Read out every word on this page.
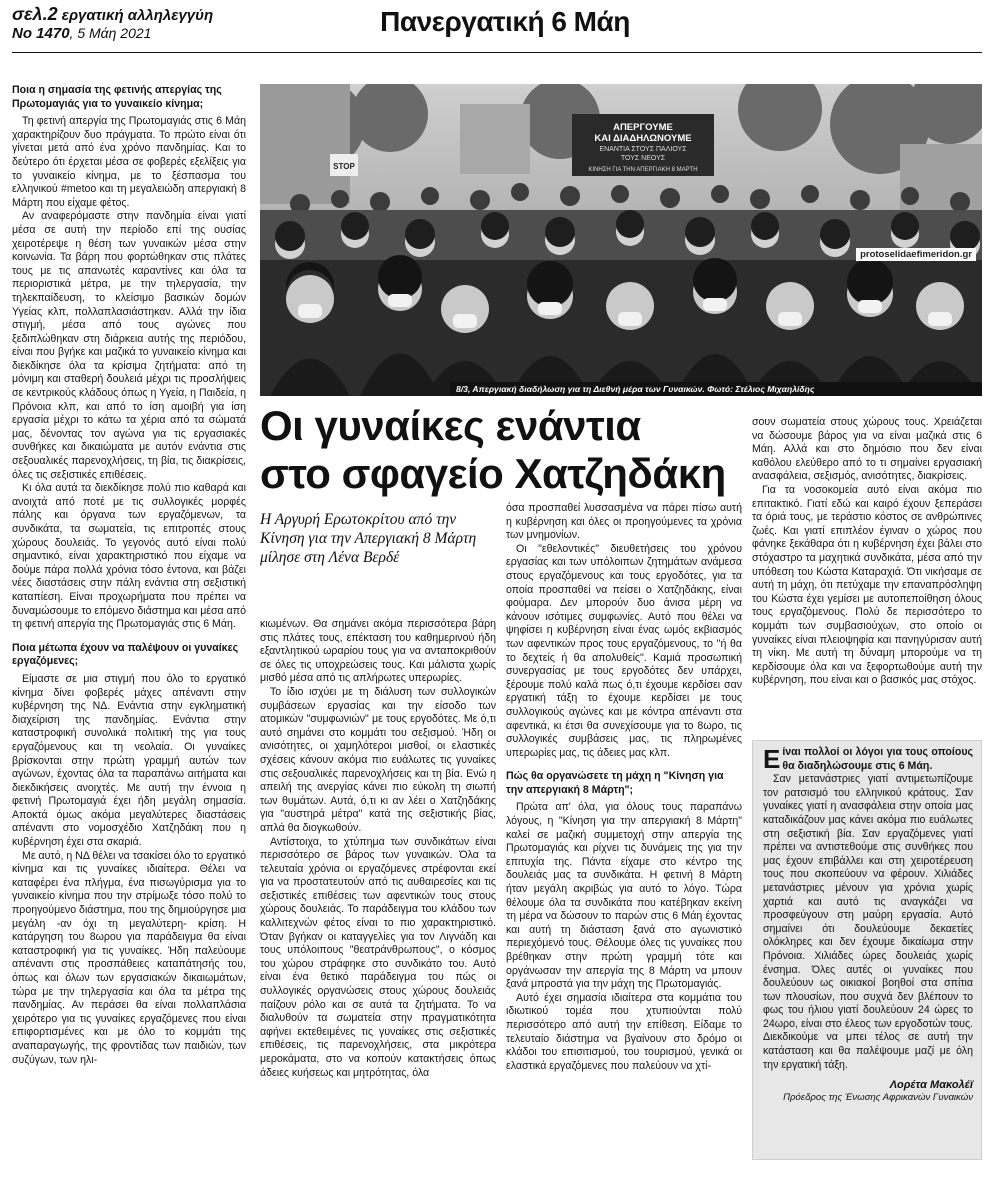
σελ.2 εργατική αλληλεγγύη
Νο 1470, 5 Μάη 2021	Πανεργατική 6 Μάη
Ποια η σημασία της φετινής απεργίας της Πρωτομαγιάς για το γυναικείο κίνημα;

Τη φετινή απεργία της Πρωτομαγιάς στις 6 Μάη χαρακτηρίζουν δυο πράγματα. Το πρώτο είναι ότι γίνεται μετά από ένα χρόνο πανδημίας. Και το δεύτερο ότι έρχεται μέσα σε φοβερές εξελίξεις για το γυναικείο κίνημα, με το ξέσπασμα του ελληνικού #metoo και τη μεγαλειώδη απεργιακή 8 Μάρτη που είχαμε φέτος.

Αν αναφερόμαστε στην πανδημία είναι γιατί μέσα σε αυτή την περίοδο επί της ουσίας χειροτέρεψε η θέση των γυναικών μέσα στην κοινωνία. Τα βάρη που φορτώθηκαν στις πλάτες τους με τις απανωτές καραντίνες και όλα τα περιοριστικά μέτρα, με την τηλεργασία, την τηλεκπαίδευση, το κλείσιμο βασικών δομών Υγείας κλπ, πολλαπλασιάστηκαν. Αλλά την ίδια στιγμή, μέσα από τους αγώνες που ξεδιπλώθηκαν στη διάρκεια αυτής της περιόδου, είναι που βγήκε και μαζικά το γυναικείο κίνημα και διεκδίκησε όλα τα κρίσιμα ζητήματα: από τη μόνιμη και σταθερή δουλειά μέχρι τις προσλήψεις σε κεντρικούς κλάδους όπως η Υγεία, η Παιδεία, η Πρόνοια κλπ, και από το ίση αμοιβή για ίση εργασία μέχρι το κάτω τα χέρια από τα σώματά μας, δένοντας τον αγώνα για τις εργασιακές συνθήκες και δικαιώματα με αυτόν ενάντια στις σεξουαλικές παρενοχλήσεις, τη βία, τις διακρίσεις, όλες τις σεξιστικές επιθέσεις.

Κι όλα αυτά τα διεκδίκησε πολύ πιο καθαρά και ανοιχτά από ποτέ με τις συλλογικές μορφές πάλης και όργανα των εργαζόμενων, τα συνδικάτα, τα σωματεία, τις επιτροπές στους χώρους δουλειάς. Το γεγονός αυτό είναι πολύ σημαντικό, είναι χαρακτηριστικό που είχαμε να δούμε πάρα πολλά χρόνια τόσο έντονα, και βάζει νέες διαστάσεις στην πάλη ενάντια στη σεξιστική καταπίεση. Είναι προχωρήματα που πρέπει να δυναμώσουμε το επόμενο διάστημα και μέσα από τη φετινή απεργία της Πρωτομαγιάς στις 6 Μάη.

Ποια μέτωπα έχουν να παλέψουν οι γυναίκες εργαζόμενες;

Είμαστε σε μια στιγμή που όλο το εργατικό κίνημα δίνει φοβερές μάχες απέναντι στην κυβέρνηση της ΝΔ. Ενάντια στην εγκληματική διαχείριση της πανδημίας. Ενάντια στην καταστροφική συνολικά πολιτική της για τους εργαζόμενους και τη νεολαία. Οι γυναίκες βρίσκονται στην πρώτη γραμμή αυτών των αγώνων, έχοντας όλα τα παραπάνω αιτήματα και διεκδικήσεις ανοιχτές. Με αυτή την έννοια η φετινή Πρωτομαγιά έχει ήδη μεγάλη σημασία. Αποκτά όμως ακόμα μεγαλύτερες διαστάσεις απέναντι στο νομοσχέδιο Χατζηδάκη που η κυβέρνηση έχει στα σκαριά.

Με αυτό, η ΝΔ θέλει να τσακίσει όλο το εργατικό κίνημα και τις γυναίκες ιδιαίτερα. Θέλει να καταφέρει ένα πλήγμα, ένα πισωγύρισμα για το γυναικείο κίνημα που την στρίμωξε τόσο πολύ το προηγούμενο διάστημα, που της δημιούργησε μια μεγάλη -αν όχι τη μεγαλύτερη- κρίση. Η κατάργηση του 8ωρου για παράδειγμα θα είναι καταστροφική για τις γυναίκες. Ήδη παλεύουμε απέναντι στις προσπάθειες καταπάτησής του, όπως και όλων των εργασιακών δικαιωμάτων, τώρα με την τηλεργασία και όλα τα μέτρα της πανδημίας. Αν περάσει θα είναι πολλαπλάσια χειρότερο για τις γυναίκες εργαζόμενες που είναι επιφορτισμένες και με όλο το κομμάτι της αναπαραγωγής, της φροντίδας των παιδιών, των συζύγων, των ηλι-

ΑΠΕΡΓΟΥΜΕ
ΚΑΙ ΔΙΑΔΗΛΩΝΟΥΜΕ
ΕΝΑΝΤΙΑ ΣΤΟΥΣ ΠΑΛΙΟΥΣ
ΤΟΥΣ ΝΕΟΥΣ
ΚΙΝΗΣΗ ΓΙΑ ΤΗΝ ΑΠΕΡΓΙΑΚΗ 8 ΜΑΡΤΗ
STOP
protoselidaefimeridon.gr
8/3, Απεργιακή διαδήλωση για τη Διεθνή μέρα των Γυναικών. Φωτό: Στέλιος Μιχαηλίδης
Οι γυναίκες ενάντια
στο σφαγείο Χατζηδάκη
Η Αργυρή Ερωτοκρίτου από την Κίνηση για την Απεργιακή 8 Μάρτη μίλησε στη Λένα Βερδέ

κιωμένων. Θα σημάνει ακόμα περισσότερα βάρη στις πλάτες τους, επέκταση του καθημερινού ήδη εξαντλητικού ωραρίου τους για να ανταποκριθούν σε όλες τις υποχρεώσεις τους. Και μάλιστα χωρίς μισθό μέσα από τις απλήρωτες υπερωρίες.

Το ίδιο ισχύει με τη διάλυση των συλλογικών συμβάσεων εργασίας και την είσοδο των ατομικών "συμφωνιών" με τους εργοδότες. Με ό,τι αυτό σημάνει στο κομμάτι του σεξισμού. Ήδη οι ανισότητες, οι χαμηλότεροι μισθοί, οι ελαστικές σχέσεις κάνουν ακόμα πιο ευάλωτες τις γυναίκες στις σεξουαλικές παρενοχλήσεις και τη βία. Ενώ η απειλή της ανεργίας κάνει πιο εύκολη τη σιωπή των θυμάτων. Αυτά, ό,τι κι αν λέει ο Χατζηδάκης για "αυστηρά μέτρα" κατά της σεξιστικής βίας, απλά θα διογκωθούν.

Αντίστοιχα, το χτύπημα των συνδικάτων είναι περισσότερο σε βάρος των γυναικών. Όλα τα τελευταία χρόνια οι εργαζόμενες στρέφονται εκεί για να προστατευτούν από τις αυθαιρεσίες και τις σεξιστικές επιθέσεις των αφεντικών τους στους χώρους δουλειάς. Το παράδειγμα του κλάδου των καλλιτεχνών φέτος είναι το πιο χαρακτηριστικό. Όταν βγήκαν οι καταγγελίες για τον Λιγνάδη και τους υπόλοιπους "θεατράνθρωπους", ο κόσμος του χώρου στράφηκε στο συνδικάτο του. Αυτό είναι ένα θετικό παράδειγμα του πώς οι συλλογικές οργανώσεις στους χώρους δουλειάς παίζουν ρόλο και σε αυτά τα ζητήματα. Το να διαλυθούν τα σωματεία στην πραγματικότητα αφήνει εκτεθειμένες τις γυναίκες στις σεξιστικές επιθέσεις, τις παρενοχλήσεις, στα μικρότερα μεροκάματα, στο να κοπούν κατακτήσεις όπως άδειες κυήσεως και μητρότητας, όλα

όσα προσπαθεί λυσσασμένα να πάρει πίσω αυτή η κυβέρνηση και όλες οι προηγούμενες τα χρόνια των μνημονίων.

Οι "εθελοντικές" διευθετήσεις του χρόνου εργασίας και των υπόλοιπων ζητημάτων ανάμεσα στους εργαζόμενους και τους εργοδότες, για τα οποία προσπαθεί να πείσει ο Χατζηδάκης, είναι φούμαρα. Δεν μπορούν δυο άνισα μέρη να κάνουν ισότιμες συμφωνίες. Αυτό που θέλει να ψηφίσει η κυβέρνηση είναι ένας ωμός εκβιασμός των αφεντικών προς τους εργαζόμενους, το "ή θα το δεχτείς ή θα απολυθείς". Καμιά προσωπική συνεργασίας με τους εργοδότες δεν υπάρχει, ξέρουμε πολύ καλά πως ό,τι έχουμε κερδίσει σαν εργατική τάξη το έχουμε κερδίσει με τους συλλογικούς αγώνες και με κόντρα απέναντι στα αφεντικά, κι έτσι θα συνεχίσουμε για το 8ωρο, τις συλλογικές συμβάσεις μας, τις πληρωμένες υπερωρίες μας, τις άδειες μας κλπ.

Πώς θα οργανώσετε τη μάχη η "Κίνηση για την απεργιακή 8 Μάρτη";

Πρώτα απ' όλα, για όλους τους παραπάνω λόγους, η "Κίνηση για την απεργιακή 8 Μάρτη" καλεί σε μαζική συμμετοχή στην απεργία της Πρωτομαγιάς και ρίχνει τις δυνάμεις της για την επιτυχία της. Πάντα είχαμε στο κέντρο της δουλειάς μας τα συνδικάτα. Η φετινή 8 Μάρτη ήταν μεγάλη ακριβώς για αυτό το λόγο. Τώρα θέλουμε όλα τα συνδικάτα που κατέβηκαν εκείνη τη μέρα να δώσουν το παρών στις 6 Μάη έχοντας και αυτή τη διάσταση ξανά στο αγωνιστικό περιεχόμενό τους. Θέλουμε όλες τις γυναίκες που βρέθηκαν στην πρώτη γραμμή τότε και οργάνωσαν την απεργία της 8 Μάρτη να μπουν ξανά μπροστά για την μάχη της Πρωτομαγιάς.

Αυτό έχει σημασία ιδιαίτερα στα κομμάτια του ιδιωτικού τομέα που χτυπιούνται πολύ περισσότερο από αυτή την επίθεση. Είδαμε το τελευταίο διάστημα να βγαίνουν στο δρόμο οι κλάδοι του επισιτισμού, του τουρισμού, γενικά οι ελαστικά εργαζόμενες που παλεύουν να χτί-

σουν σωματεία στους χώρους τους. Χρειάζεται να δώσουμε βάρος για να είναι μαζικά στις 6 Μάη. Αλλά και στο δημόσιο που δεν είναι καθόλου ελεύθερο από το τι σημαίνει εργασιακή ανασφάλεια, σεξισμός, ανισότητες, διακρίσεις.

Για τα νοσοκομεία αυτό είναι ακόμα πιο επιτακτικό. Γιατί εδώ και καιρό έχουν ξεπεράσει τα όριά τους, με τεράστιο κόστος σε ανθρώπινες ζωές. Και γιατί επιπλέον έγιναν ο χώρος που φάνηκε ξεκάθαρα ότι η κυβέρνηση έχει βάλει στο στόχαστρο τα μαχητικά συνδικάτα, μέσα από την υπόθεση του Κώστα Καταραχιά. Ότι νικήσαμε σε αυτή τη μάχη, ότι πετύχαμε την επαναπρόσληψη του Κώστα έχει γεμίσει με αυτοπεποίθηση όλους τους εργαζόμενους. Πολύ δε περισσότερο το κομμάτι των συμβασιούχων, στο οποίο οι γυναίκες είναι πλειοψηφία και πανηγύρισαν αυτή τη νίκη. Με αυτή τη δύναμη μπορούμε να τη κερδίσουμε όλα και να ξεφορτωθούμε αυτή την κυβέρνηση, που είναι και ο βασικός μας στόχος.

Είναι πολλοί οι λόγοι για τους οποίους θα διαδηλώσουμε στις 6 Μάη.

Σαν μετανάστριες γιατί αντιμετωπίζουμε τον ρατσισμό του ελληνικού κράτους. Σαν γυναίκες γιατί η ανασφάλεια στην οποία μας καταδικάζουν μας κάνει ακόμα πιο ευάλωτες στη σεξιστική βία. Σαν εργαζόμενες γιατί πρέπει να αντιστεθούμε στις συνθήκες που μας έχουν επιβάλλει και στη χειροτέρευση τους που σκοπεύουν να φέρουν. Χιλιάδες μετανάστριες μένουν για χρόνια χωρίς χαρτιά και αυτό τις αναγκάζει να προσφεύγουν στη μαύρη εργασία. Αυτό σημαίνει ότι δουλεύουμε δεκαετίες ολόκληρες και δεν έχουμε δικαίωμα στην Πρόνοια. Χιλιάδες ώρες δουλειάς χωρίς ένσημα. Όλες αυτές οι γυναίκες που δουλεύουν ως οικιακοί βοηθοί στα σπίτια των πλουσίων, που συχνά δεν βλέπουν το φως του ήλιου γιατί δουλεύουν 24 ώρες το 24ωρο, είναι στο έλεος των εργοδοτών τους. Διεκδικούμε να μπει τέλος σε αυτή την κατάσταση και θα παλέψουμε μαζί με όλη την εργατική τάξη.

Λορέτα Μακολέϊ
Πρόεδρος της Ένωσης Αφρικανών Γυναικών
